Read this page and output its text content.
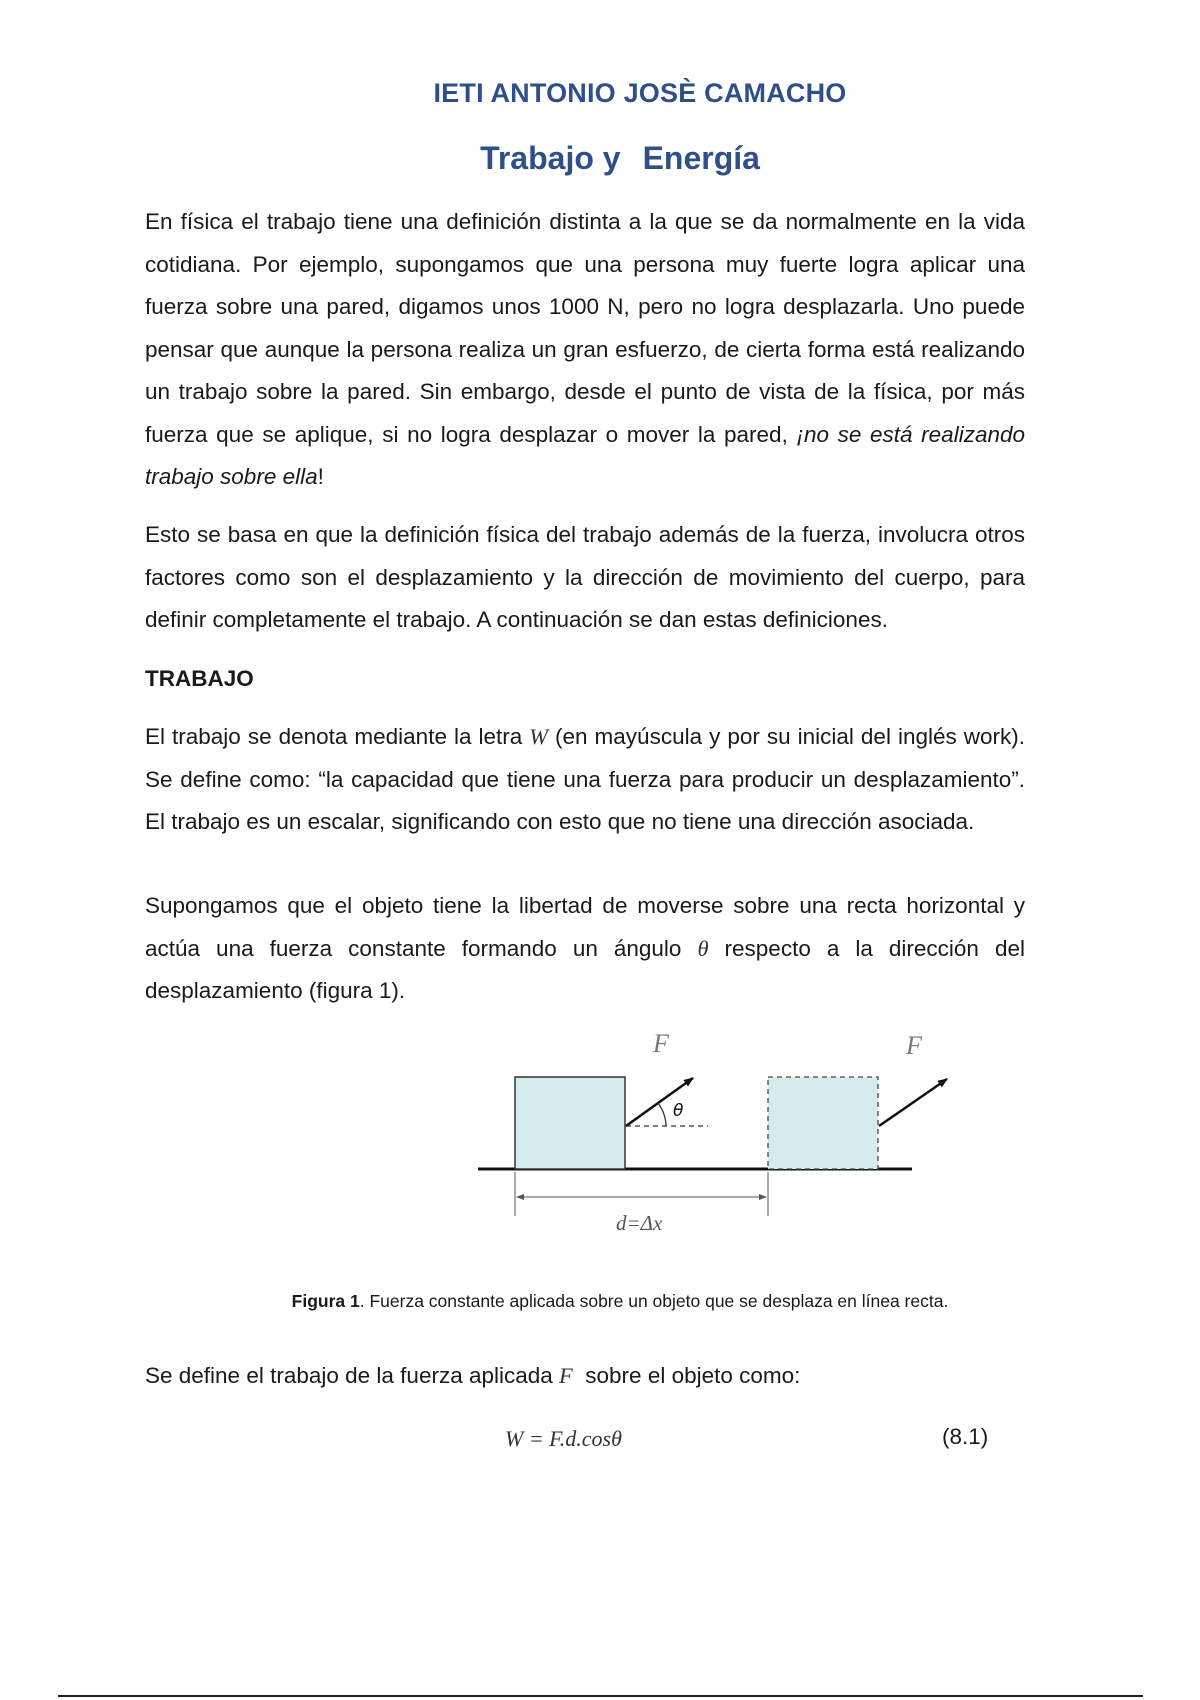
IETI ANTONIO JOSÈ CAMACHO
Trabajo y Energía

En física el trabajo tiene una definición distinta a la que se da normalmente en la vida cotidiana. Por ejemplo, supongamos que una persona muy fuerte logra aplicar una fuerza sobre una pared, digamos unos 1000 N, pero no logra desplazarla. Uno puede pensar que aunque la persona realiza un gran esfuerzo, de cierta forma está realizando un trabajo sobre la pared. Sin embargo, desde el punto de vista de la física, por más fuerza que se aplique, si no logra desplazar o mover la pared, ¡no se está realizando trabajo sobre ella!

Esto se basa en que la definición física del trabajo además de la fuerza, involucra otros factores como son el desplazamiento y la dirección de movimiento del cuerpo, para definir completamente el trabajo. A continuación se dan estas definiciones.

TRABAJO

El trabajo se denota mediante la letra W (en mayúscula y por su inicial del inglés work). Se define como: “la capacidad que tiene una fuerza para producir un desplazamiento”. El trabajo es un escalar, significando con esto que no tiene una dirección asociada.

Supongamos que el objeto tiene la libertad de moverse sobre una recta horizontal y actúa una fuerza constante formando un ángulo θ respecto a la dirección del desplazamiento (figura 1).

θ
F	F
d=Δx
Figura 1. Fuerza constante aplicada sobre un objeto que se desplaza en línea recta.
Se define el trabajo de la fuerza aplicada F  sobre el objeto como:
W = F.d.cosθ	(8.1)
